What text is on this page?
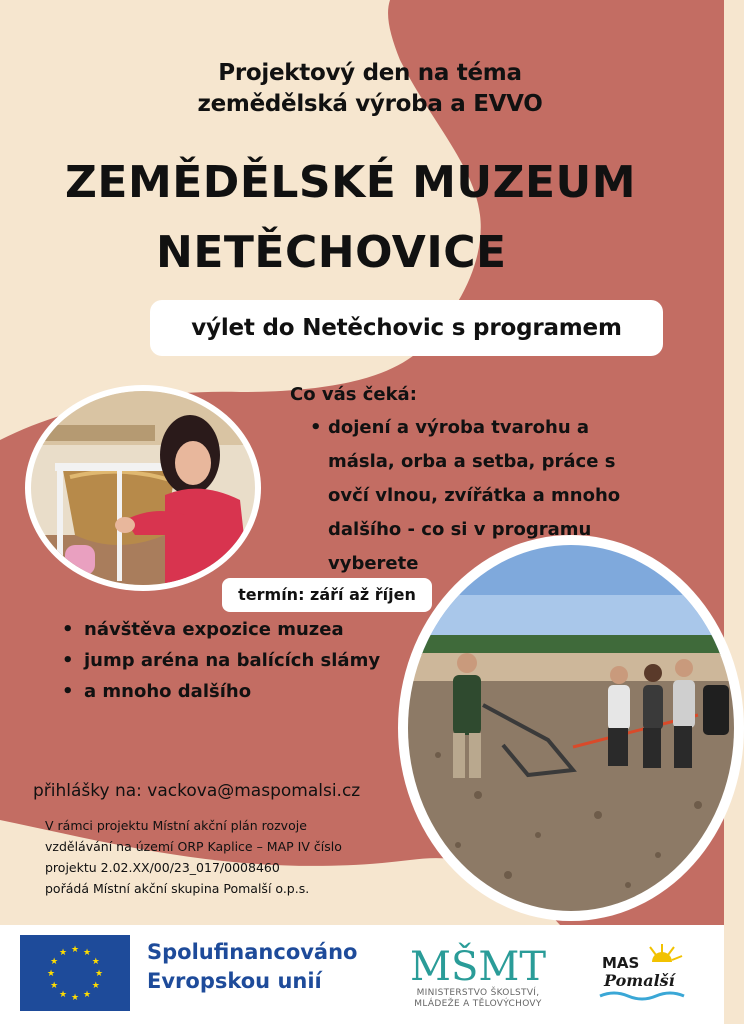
Projektový den na téma
zemědělská výroba a EVVO
ZEMĚDĚLSKÉ MUZEUM
NETĚCHOVICE
výlet do Netěchovic s programem
Co vás čeká:
• dojení a výroba tvarohu a másla, orba a setba, práce s ovčí vlnou, zvířátka a mnoho dalšího - co si v programu vyberete
termín: září až říjen
• návštěva expozice muzea
• jump aréna na balících slámy
• a mnoho dalšího
přihlášky na: vackova@maspomalsi.cz
V rámci projektu Místní akční plán rozvoje
vzdělávání na území ORP Kaplice – MAP IV číslo
projektu 2.02.XX/00/23_017/0008460
pořádá Místní akční skupina Pomalší o.p.s.
★
★
★
★
★
★
★
★
★ ★ ★
★ Spolufinancováno
Evropskou unií	MŠMT
MINISTERSTVO ŠKOLSTVÍ,
MLÁDEŽE A TĚLOVÝCHOVY
MAS
Pomalší
